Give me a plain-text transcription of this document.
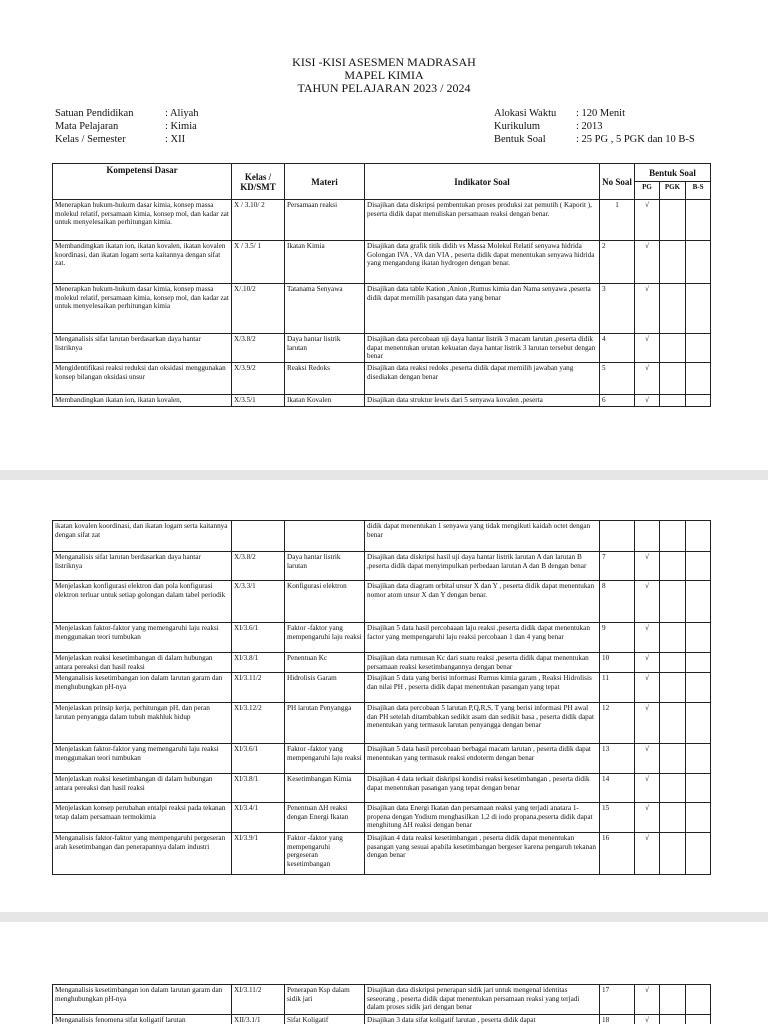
KISI -KISI ASESMEN MADRASAH
MAPEL KIMIA
TAHUN PELAJARAN 2023 / 2024
Satuan Pendidikan	: Aliyah
Mata Pelajaran	: Kimia
Kelas / Semester	: XII
Alokasi Waktu : 120 Menit
Kurikulum	: 2013
Bentuk Soal	: 25 PG , 5 PGK dan 10 B-S
Kompetensi Dasar	Kelas / KD/SMT	Materi	Indikator Soal	No Soal	Bentuk Soal		
					PG	PGK	B-S
Menerapkan hukum-hukum dasar kimia, konsep massa molekul relatif, persamaan kimia, konsep mol, dan kadar zat untuk menyelesaikan perhitungan kimia.	X / 3.10/ 2	Persamaan reaksi	Disajikan data diskripsi pembentukan proses produksi zat pemutih ( Kaporit ), peserta didik dapat menuliskan persamaan reaksi dengan benar.	1	√		
Membandingkan ikatan ion, ikatan kovalen, ikatan kovalen koordinasi, dan ikatan logam serta kaitannya dengan sifat zat.	X / 3.5/ 1	Ikatan Kimia	Disajikan data grafik titik didih vs Massa Molekul Relatif senyawa hidrida Golongan IVA , VA dan VIA , peserta didik dapat menentukan senyawa hidrida yang mengandung ikatan hydrogen dengan benar.	2	√		
Menerapkan hukum-hukum dasar kimia, konsep massa molekul relatif, persamaan kimia, konsep mol, dan kadar zat untuk menyelesaikan perhitungan kimia	X/.10/2	Tatanama Senyawa	Disajikan data table Kation ,Anion ,Rumus kimia dan Nama senyawa ,peserta didik dapat memilih pasangan data yang benar	3	√		
Menganalisis sifat larutan berdasarkan daya hantar listriknya	X/3.8/2	Daya hantar listrik larutan	Disajikan data percobaan uji daya hantar listrik 3 macam larutan ,peserta didik dapat menentukan urutan kekuatan daya hantar listrik 3 larutan tersebut dengan benar	4	√		
Mengidentifikasi reaksi reduksi dan oksidasi menggunakan konsep bilangan oksidasi unsur	X/3.9/2	Reaksi Redoks	Disajikan data reaksi redoks ,peserta didik dapat memilih jawaban yang disediakan dengan benar	5	√		
Membandingkan ikatan ion, ikatan kovalen,	X/3.5/1	Ikatan Kovalen	Disajikan data struktur lewis dari 5 senyawa kovalen ,peserta	6	√		
ikatan kovalen koordinasi, dan ikatan logam serta kaitannya dengan sifat zat			didik dapat menentukan 1 senyawa yang tidak mengikuti kaidah octet dengan benar				
Menganalisis sifat larutan berdasarkan daya hantar listriknya	X/3.8/2	Daya hantar listrik larutan	Disajikan data diskripsi hasil uji daya hantar listrik larutan A dan larutan B ,peserta didik dapat menyimpulkan perbedaan larutan A dan B dengan benar	7	√		
Menjelaskan konfigurasi elektron dan pola konfigurasi elektron terluar untuk setiap golongan dalam tabel periodik	X/3.3/1	Konfigurasi elektron	Disajikan data diagram orbital unsur X dan Y , peserta didik dapat menentukan nomor atom unsur X dan Y dengan benar.	8	√		
Menjelaskan faktor-faktor yang memengaruhi laju reaksi menggunakan teori tumbukan	XI/3.6/1	Faktor -faktor yang mempengaruhi laju reaksi	Disajikan 5 data hasil percobaaan laju reaksi ,peserta didik dapat menentukan factor yang mempengaruhi laju reaksi percobaan 1 dan 4 yang benar	9	√		
Menjelaskan reaksi kesetimbangan di dalam hubungan antara pereaksi dan hasil reaksi	XI/3.8/1	Penentuan Kc	Disajikan data rumusan Kc dari suatu reaksi ,peserta didik dapat menentukan persamaan reaksi kesetimbangannya dengan benar	10	√		
Menganalisis kesetimbangan ion dalam larutan garam dan menghubungkan pH-nya	XI/3.11/2	Hidrolisis Garam	Disajikan 5 data yang berisi informasi Rumus kimia garam , Reaksi Hidrolisis dan nilai PH , peserta didik dapat menentukan pasangan yang tepat	11	√		
Menjelaskan prinsip kerja, perhitungan pH, dan peran larutan penyangga dalam tubuh makhluk hidup	XI/3.12/2	PH larutan Penyangga	Disajikan data percobaan 5 larutan P,Q,R,S, T yang berisi informasi PH awal dan PH setelah ditambahkan sedikit asam dan sedikit basa , peserta didik dapat menentukan yang termasuk larutan penyangga dengan benar	12	√		
Menjelaskan faktor-faktor yang memengaruhi laju reaksi menggunakan teori tumbukan	XI/3.6/1	Faktor -faktor yang mempengaruhi laju reaksi	Disajikan 5 data hasil percobaan berbagai macam larutan , peserta didik dapat menentukan yang termasuk reaksi endoterm dengan benar	13	√		
Menjelaskan reaksi kesetimbangan di dalam hubungan antara pereaksi dan hasil reaksi	XI/3.8/1	Kesetimbangan Kimia	Disajikan 4 data terkait diskripsi kondisi reaksi kesetimbangan , peserta didik dapat menentukan pasangan yang tepat dengan benar	14	√		
Menjelaskan konsep perubahan entalpi reaksi pada tekanan tetap dalam persamaan termokimia	XI/3.4/1	Penentuan ∆H reaksi dengan Energi Ikatan	Disajikan data Energi Ikatan dan persamaan reaksi yang terjadi anatara 1-propena dengan Yodium menghasilkan 1,2 di iodo propana,peserta didik dapat menghitung ∆H reaksi dengan benar	15	√		
Menganalisis faktor-faktor yang mempengaruhi pergeseran arah kesetimbangan dan penerapannya dalam industri	XI/3.9/1	Faktor -faktor yang mempengaruhi pergeseran kesetimbangan	Disajikan 4 data reaksi kesetimbangan , peserta didik dapat menentukan pasangan yang sesuai apabila kesetimbangan bergeser karena pengaruh tekanan dengan benar	16	√		
Menganalisis kesetimbangan ion dalam larutan garam dan menghubungkan pH-nya	XI/3.11/2	Penerapan Ksp dalam sidik jari	Disajikan data diskripsi penerapan sidik jari untuk mengenal identitas seseorang , peserta didik dapat menentukan persamaan reaksi yang terjadi dalam proses sidik jari dengan benar	17	√		
Menganalisis fenomena sifat koligatif larutan	XII/3.1/1	Sifat Koligatif	Disajikan 3 data sifat koligatif larutan , peserta didik dapat	18	√		
